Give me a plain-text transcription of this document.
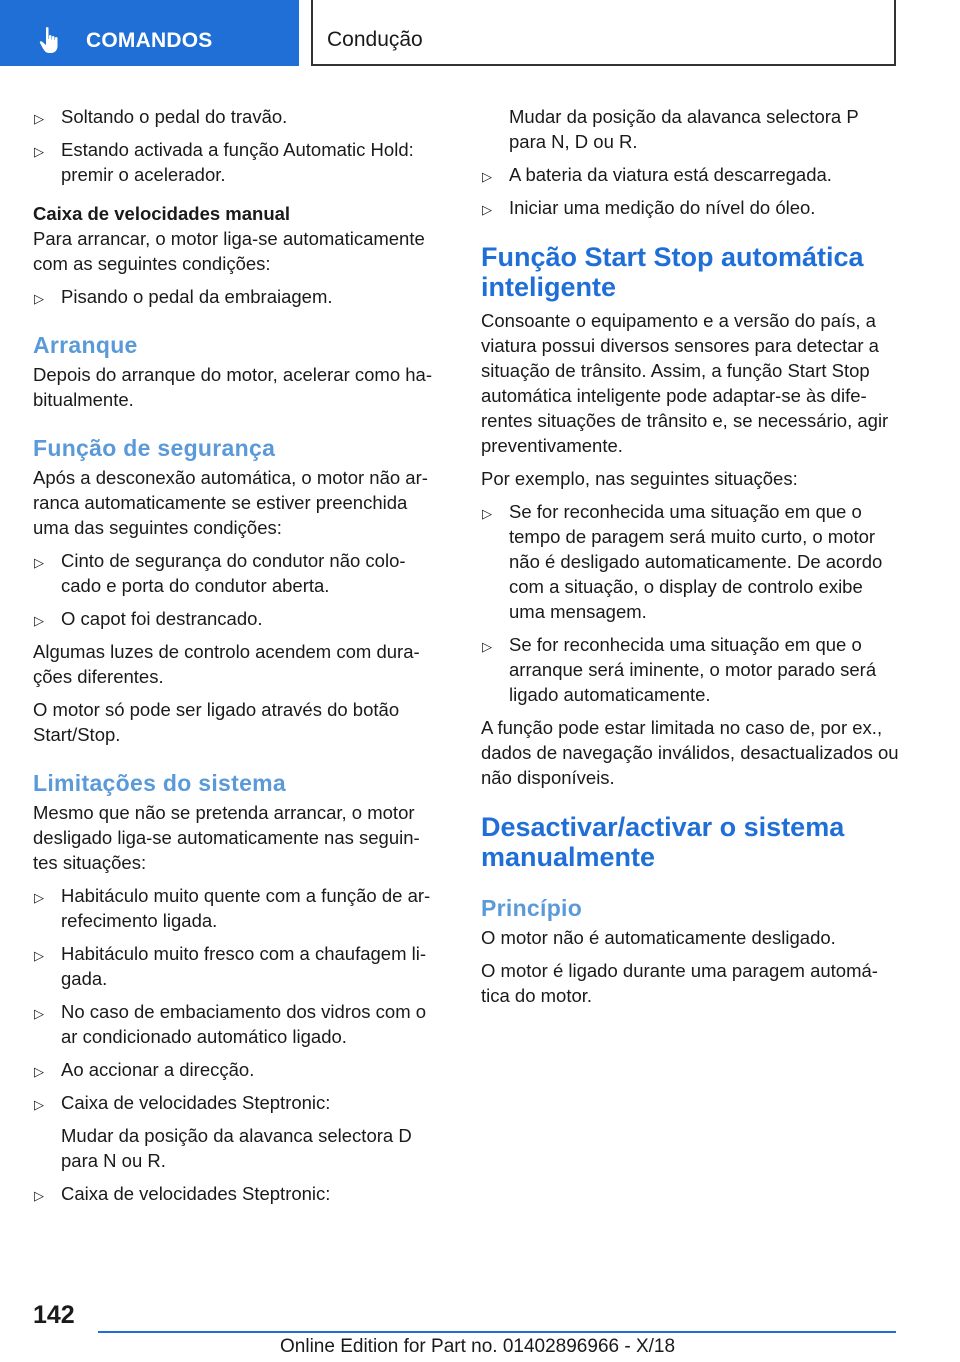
COMANDOS	Condução
▷ Soltando o pedal do travão.
▷ Estando activada a função Automatic Hold: premir o acelerador.

Caixa de velocidades manual

Para arrancar, o motor liga-se automaticamente com as seguintes condições:

▷ Pisando o pedal da embraiagem.
Arranque

Depois do arranque do motor, acelerar como ha-bitualmente.

Função de segurança

Após a desconexão automática, o motor não ar-ranca automaticamente se estiver preenchida uma das seguintes condições:

▷ Cinto de segurança do condutor não colo-cado e porta do condutor aberta.
▷ O capot foi destrancado.

Algumas luzes de controlo acendem com dura-ções diferentes.

O motor só pode ser ligado através do botão Start/Stop.

Limitações do sistema

Mesmo que não se pretenda arrancar, o motor desligado liga-se automaticamente nas seguin-tes situações:

▷ Habitáculo muito quente com a função de ar-refecimento ligada.
▷ Habitáculo muito fresco com a chaufagem li-gada.
▷ No caso de embaciamento dos vidros com o ar condicionado automático ligado.
▷ Ao accionar a direcção.
▷ Caixa de velocidades Steptronic:

Mudar da posição da alavanca selectora D para N ou R.

▷ Caixa de velocidades Steptronic:

Mudar da posição da alavanca selectora P para N, D ou R.

▷ A bateria da viatura está descarregada.
▷ Iniciar uma medição do nível do óleo.
Função Start Stop automática inteligente

Consoante o equipamento e a versão do país, a viatura possui diversos sensores para detectar a situação de trânsito. Assim, a função Start Stop automática inteligente pode adaptar-se às dife-rentes situações de trânsito e, se necessário, agir preventivamente.

Por exemplo, nas seguintes situações:

▷ Se for reconhecida uma situação em que o tempo de paragem será muito curto, o motor não é desligado automaticamente. De acordo com a situação, o display de controlo exibe uma mensagem.
▷ Se for reconhecida uma situação em que o arranque será iminente, o motor parado será ligado automaticamente.

A função pode estar limitada no caso de, por ex., dados de navegação inválidos, desactualizados ou não disponíveis.

Desactivar/activar o sistema manualmente
Princípio

O motor não é automaticamente desligado.

O motor é ligado durante uma paragem automá-tica do motor.

142
Online Edition for Part no. 01402896966 - X/18
